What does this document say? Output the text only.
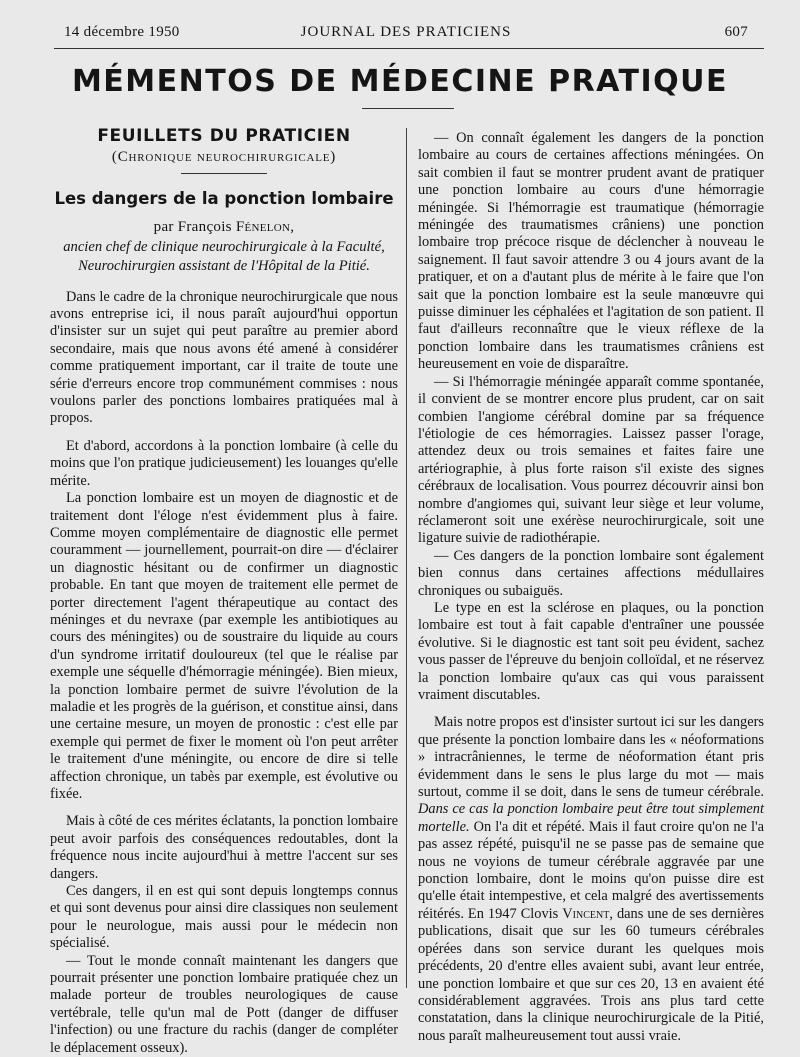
14 décembre 1950	JOURNAL DES PRATICIENS	607
MÉMENTOS DE MÉDECINE PRATIQUE
FEUILLETS DU PRATICIEN
(Chronique neurochirurgicale)
Les dangers de la ponction lombaire
par François Fénelon,
ancien chef de clinique neurochirurgicale à la Faculté,
Neurochirurgien assistant de l'Hôpital de la Pitié.

Dans le cadre de la chronique neurochirurgicale que nous avons entreprise ici, il nous paraît aujourd'hui opportun d'insister sur un sujet qui peut paraître au premier abord secondaire, mais que nous avons été amené à considérer comme pratiquement important, car il traite de toute une série d'erreurs encore trop communément commises : nous voulons parler des ponctions lombaires pratiquées mal à propos.

Et d'abord, accordons à la ponction lombaire (à celle du moins que l'on pratique judicieusement) les louanges qu'elle mérite.

La ponction lombaire est un moyen de diagnostic et de traitement dont l'éloge n'est évidemment plus à faire. Comme moyen complémentaire de diagnostic elle permet couramment — journellement, pourrait-on dire — d'éclairer un diagnostic hésitant ou de confirmer un diagnostic probable. En tant que moyen de traitement elle permet de porter directement l'agent thérapeutique au contact des méninges et du nevraxe (par exemple les antibiotiques au cours des méningites) ou de soustraire du liquide au cours d'un syndrome irritatif douloureux (tel que le réalise par exemple une séquelle d'hémorragie méningée). Bien mieux, la ponction lombaire permet de suivre l'évolution de la maladie et les progrès de la guérison, et constitue ainsi, dans une certaine mesure, un moyen de pronostic : c'est elle par exemple qui permet de fixer le moment où l'on peut arrêter le traitement d'une méningite, ou encore de dire si telle affection chronique, un tabès par exemple, est évolutive ou fixée.

Mais à côté de ces mérites éclatants, la ponction lombaire peut avoir parfois des conséquences redoutables, dont la fréquence nous incite aujourd'hui à mettre l'accent sur ses dangers.

Ces dangers, il en est qui sont depuis longtemps connus et qui sont devenus pour ainsi dire classiques non seulement pour le neurologue, mais aussi pour le médecin non spécialisé.

— Tout le monde connaît maintenant les dangers que pourrait présenter une ponction lombaire pratiquée chez un malade porteur de troubles neurologiques de cause vertébrale, telle qu'un mal de Pott (danger de diffuser l'infection) ou une fracture du rachis (danger de compléter le déplacement osseux).

— On connaît également les dangers de la ponction lombaire au cours de certaines affections méningées. On sait combien il faut se montrer prudent avant de pratiquer une ponction lombaire au cours d'une hémorragie méningée. Si l'hémorragie est traumatique (hémorragie méningée des traumatismes crâniens) une ponction lombaire trop précoce risque de déclencher à nouveau le saignement. Il faut savoir attendre 3 ou 4 jours avant de la pratiquer, et on a d'autant plus de mérite à le faire que l'on sait que la ponction lombaire est la seule manœuvre qui puisse diminuer les céphalées et l'agitation de son patient. Il faut d'ailleurs reconnaître que le vieux réflexe de la ponction lombaire dans les traumatismes crâniens est heureusement en voie de disparaître.

— Si l'hémorragie méningée apparaît comme spontanée, il convient de se montrer encore plus prudent, car on sait combien l'angiome cérébral domine par sa fréquence l'étiologie de ces hémorragies. Laissez passer l'orage, attendez deux ou trois semaines et faites faire une artériographie, à plus forte raison s'il existe des signes cérébraux de localisation. Vous pourrez découvrir ainsi bon nombre d'angiomes qui, suivant leur siège et leur volume, réclameront soit une exérèse neurochirurgicale, soit une ligature suivie de radiothérapie.

— Ces dangers de la ponction lombaire sont également bien connus dans certaines affections médullaires chroniques ou subaiguës.

Le type en est la sclérose en plaques, ou la ponction lombaire est tout à fait capable d'entraîner une poussée évolutive. Si le diagnostic est tant soit peu évident, sachez vous passer de l'épreuve du benjoin colloïdal, et ne réservez la ponction lombaire qu'aux cas qui vous paraissent vraiment discutables.

Mais notre propos est d'insister surtout ici sur les dangers que présente la ponction lombaire dans les « néoformations » intracrâniennes, le terme de néoformation étant pris évidemment dans le sens le plus large du mot — mais surtout, comme il se doit, dans le sens de tumeur cérébrale. Dans ce cas la ponction lombaire peut être tout simplement mortelle. On l'a dit et répété. Mais il faut croire qu'on ne l'a pas assez répété, puisqu'il ne se passe pas de semaine que nous ne voyions de tumeur cérébrale aggravée par une ponction lombaire, dont le moins qu'on puisse dire est qu'elle était intempestive, et cela malgré des avertissements réitérés. En 1947 Clovis Vincent, dans une de ses dernières publications, disait que sur les 60 tumeurs cérébrales opérées dans son service durant les quelques mois précédents, 20 d'entre elles avaient subi, avant leur entrée, une ponction lombaire et que sur ces 20, 13 en avaient été considérablement aggravées. Trois ans plus tard cette constatation, dans la clinique neurochirurgicale de la Pitié, nous paraît malheureusement tout aussi vraie.
